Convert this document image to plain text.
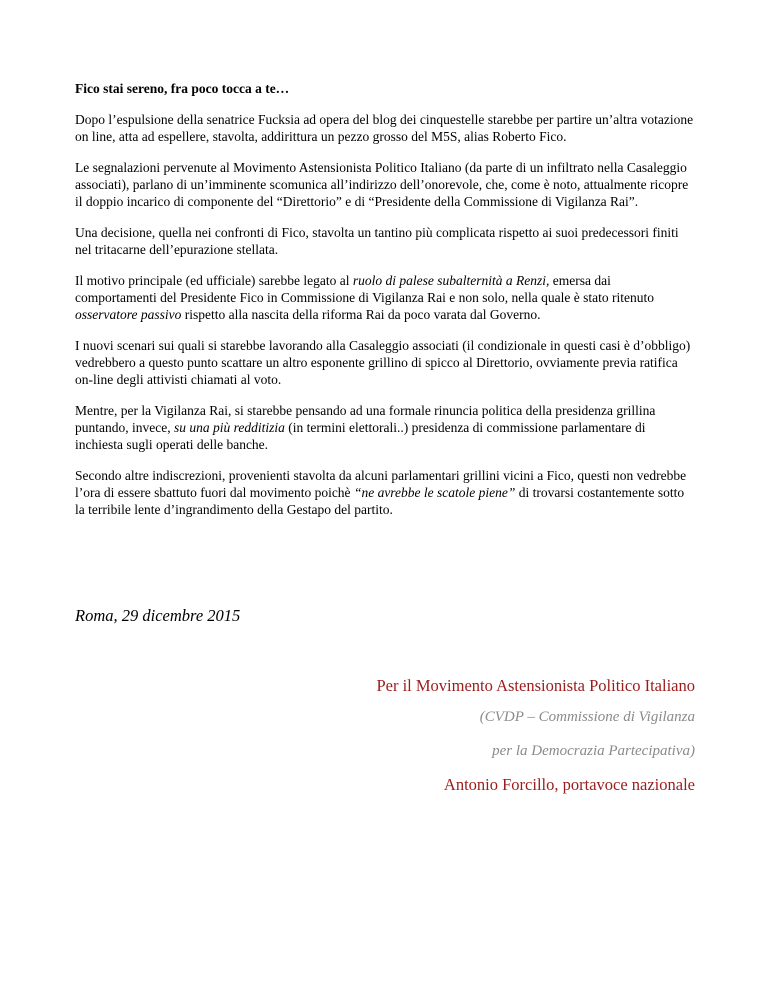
Fico stai sereno, fra poco tocca a te…

Dopo l’espulsione della senatrice Fucksia ad opera del blog dei cinquestelle starebbe per partire un’altra votazione on line, atta ad espellere, stavolta, addirittura un pezzo grosso del M5S, alias Roberto Fico.

Le segnalazioni pervenute al Movimento Astensionista Politico Italiano (da parte di un infiltrato nella Casaleggio associati), parlano di un’imminente scomunica all’indirizzo dell’onorevole, che, come è noto, attualmente ricopre il doppio incarico di componente del “Direttorio” e di “Presidente della Commissione di Vigilanza Rai”.

Una decisione, quella nei confronti di Fico, stavolta un tantino più complicata rispetto ai suoi predecessori finiti nel tritacarne dell’epurazione stellata.

Il motivo principale (ed ufficiale) sarebbe legato al ruolo di palese subalternità a Renzi, emersa dai comportamenti del Presidente Fico in Commissione di Vigilanza Rai e non solo, nella quale è stato ritenuto osservatore passivo rispetto alla nascita della riforma Rai da poco varata dal Governo.

I nuovi scenari sui quali si starebbe lavorando alla Casaleggio associati (il condizionale in questi casi è d’obbligo) vedrebbero a questo punto scattare un altro esponente grillino di spicco al Direttorio, ovviamente previa ratifica on-line degli attivisti chiamati al voto.

Mentre, per la Vigilanza Rai, si starebbe pensando ad una formale rinuncia politica della presidenza grillina puntando, invece, su una più redditizia (in termini elettorali..) presidenza di commissione parlamentare di inchiesta sugli operati delle banche.

Secondo altre indiscrezioni, provenienti stavolta da alcuni parlamentari grillini vicini a Fico, questi non vedrebbe l’ora di essere sbattuto fuori dal movimento poichè “ne avrebbe le scatole piene” di trovarsi costantemente sotto la terribile lente d’ingrandimento della Gestapo del partito.

Roma, 29 dicembre 2015
Per il Movimento Astensionista Politico Italiano
(CVDP – Commissione di Vigilanza
per la Democrazia Partecipativa)
Antonio Forcillo, portavoce nazionale
